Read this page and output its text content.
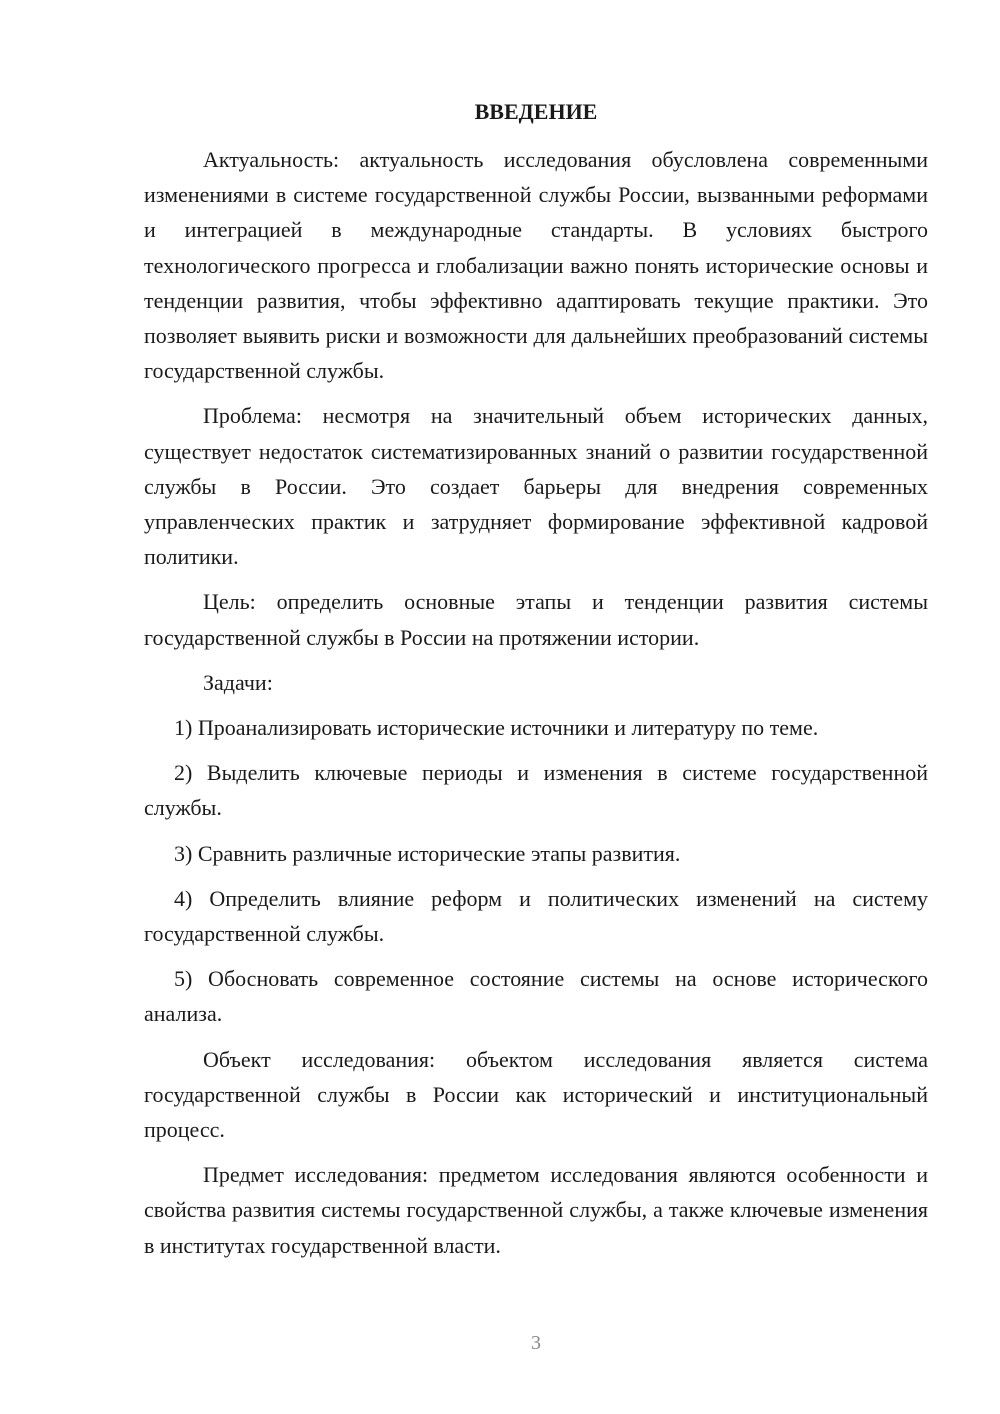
ВВЕДЕНИЕ

Актуальность: актуальность исследования обусловлена современными изменениями в системе государственной службы России, вызванными реформами и интеграцией в международные стандарты. В условиях быстрого технологического прогресса и глобализации важно понять исторические основы и тенденции развития, чтобы эффективно адаптировать текущие практики. Это позволяет выявить риски и возможности для дальнейших преобразований системы государственной службы.

Проблема: несмотря на значительный объем исторических данных, существует недостаток систематизированных знаний о развитии государственной службы в России. Это создает барьеры для внедрения современных управленческих практик и затрудняет формирование эффективной кадровой политики.

Цель: определить основные этапы и тенденции развития системы государственной службы в России на протяжении истории.

Задачи:

1) Проанализировать исторические источники и литературу по теме.

2) Выделить ключевые периоды и изменения в системе государственной службы.

3) Сравнить различные исторические этапы развития.

4) Определить влияние реформ и политических изменений на систему государственной службы.

5) Обосновать современное состояние системы на основе исторического анализа.

Объект исследования: объектом исследования является система государственной службы в России как исторический и институциональный процесс.

Предмет исследования: предметом исследования являются особенности и свойства развития системы государственной службы, а также ключевые изменения в институтах государственной власти.

3
